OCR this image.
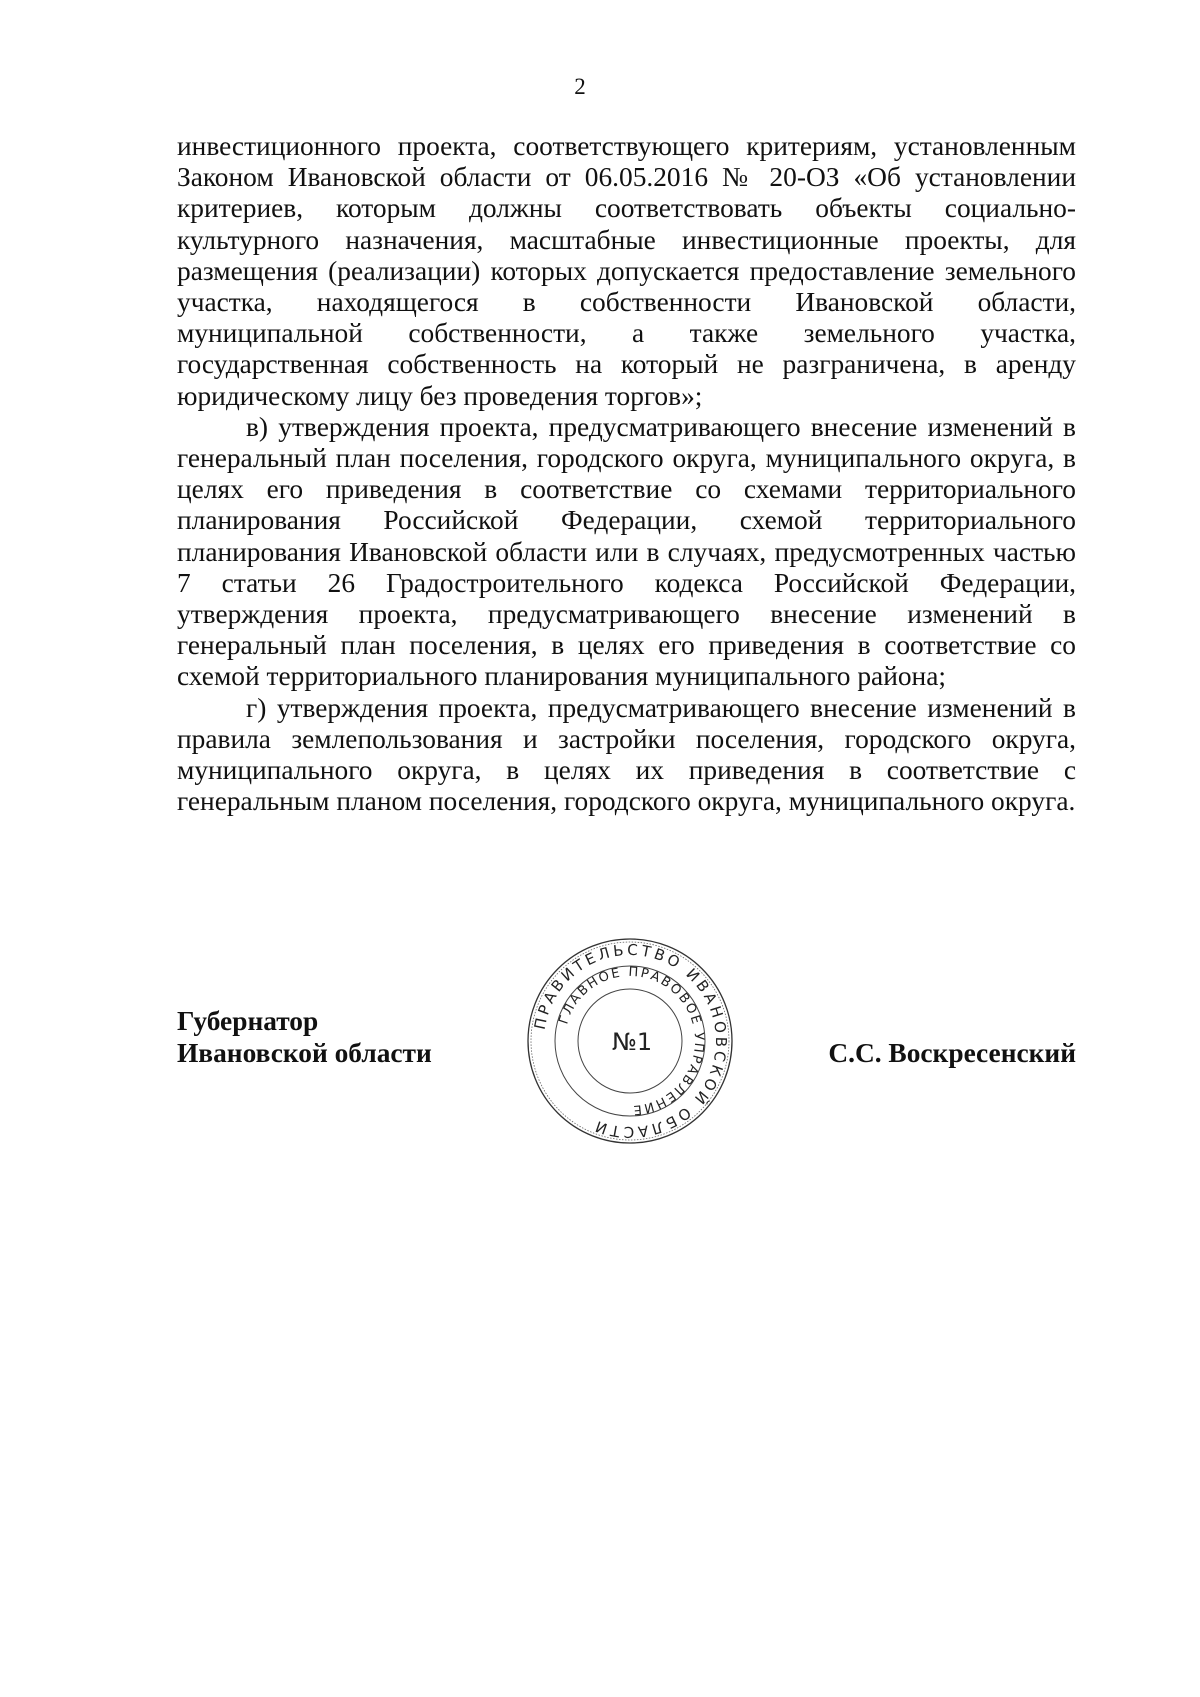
2

инвестиционного проекта, соответствующего критериям, установленным Законом Ивановской области от 06.05.2016 № 20-ОЗ «Об установлении критериев, которым должны соответствовать объекты социально-культурного назначения, масштабные инвестиционные проекты, для размещения (реализации) которых допускается предоставление земельного участка, находящегося в собственности Ивановской области, муниципальной собственности, а также земельного участка, государственная собственность на который не разграничена, в аренду юридическому лицу без проведения торгов»;

в) утверждения проекта, предусматривающего внесение изменений в генеральный план поселения, городского округа, муниципального округа, в целях его приведения в соответствие со схемами территориального планирования Российской Федерации, схемой территориального планирования Ивановской области или в случаях, предусмотренных частью 7 статьи 26 Градостроительного кодекса Российской Федерации, утверждения проекта, предусматривающего внесение изменений в генеральный план поселения, в целях его приведения в соответствие со схемой территориального планирования муниципального района;

г) утверждения проекта, предусматривающего внесение изменений в правила землепользования и застройки поселения, городского округа, муниципального округа, в целях их приведения в соответствие с генеральным планом поселения, городского округа, муниципального округа.

Губернатор
Ивановской области
ПРАВИТЕЛЬСТВО ИВАНОВСКОЙ ОБЛАСТИ
ГЛАВНОЕ ПРАВОВОЕ УПРАВЛЕНИЕ
№1	С.С. Воскресенский
